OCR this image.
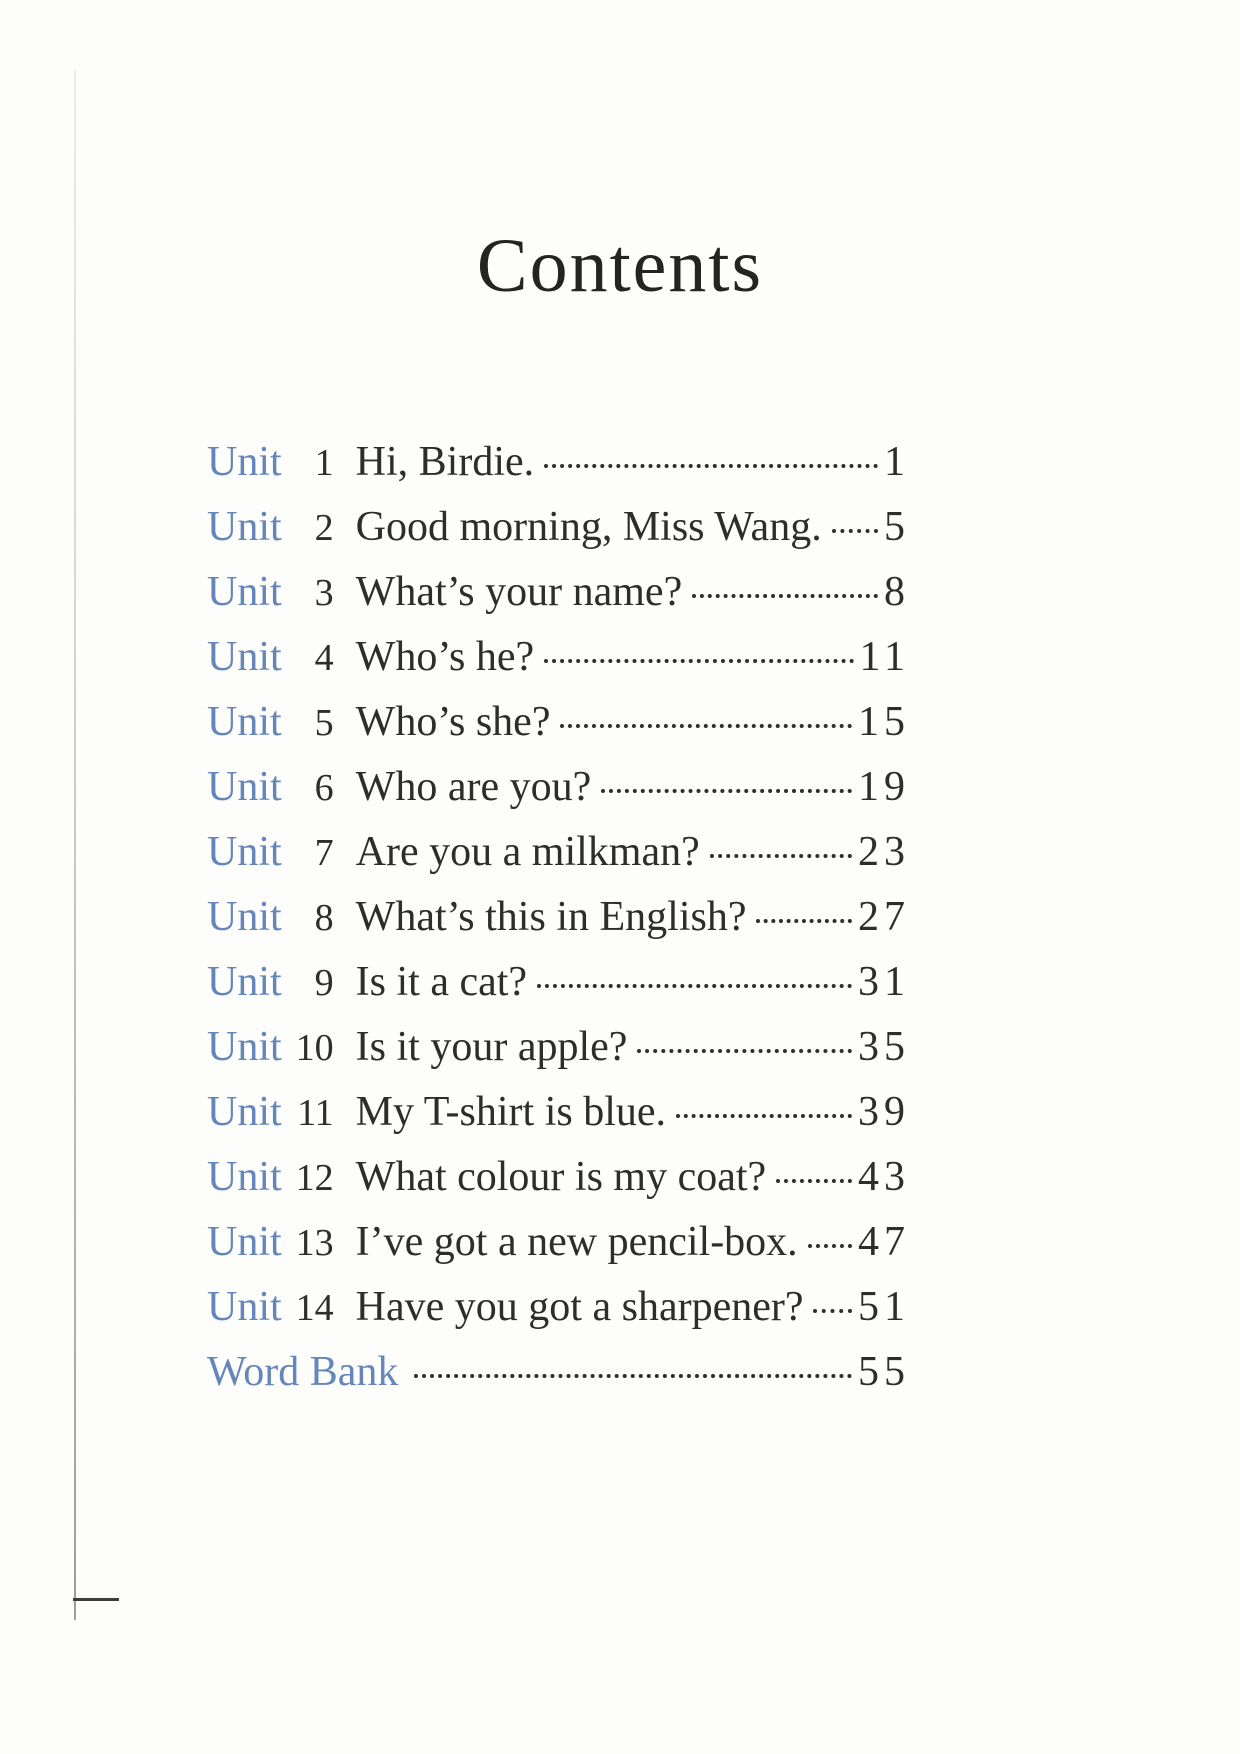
Contents
Unit 1 Hi, Birdie.	1
Unit 2 Good morning, Miss Wang. 5
Unit 3 What’s your name?	8
Unit 4 Who’s he?	11
Unit 5 Who’s she?	15
Unit 6 Who are you?	19
Unit 7 Are you a milkman?	23
Unit 8 What’s this in English?	27
Unit 9 Is it a cat?	31
Unit 10 Is it your apple?	35
Unit 11 My T-shirt is blue.	39
Unit 12 What colour is my coat? 43
Unit 13 I’ve got a new pencil-box. 47
Unit 14 Have you got a sharpener? 51
Word Bank	55
